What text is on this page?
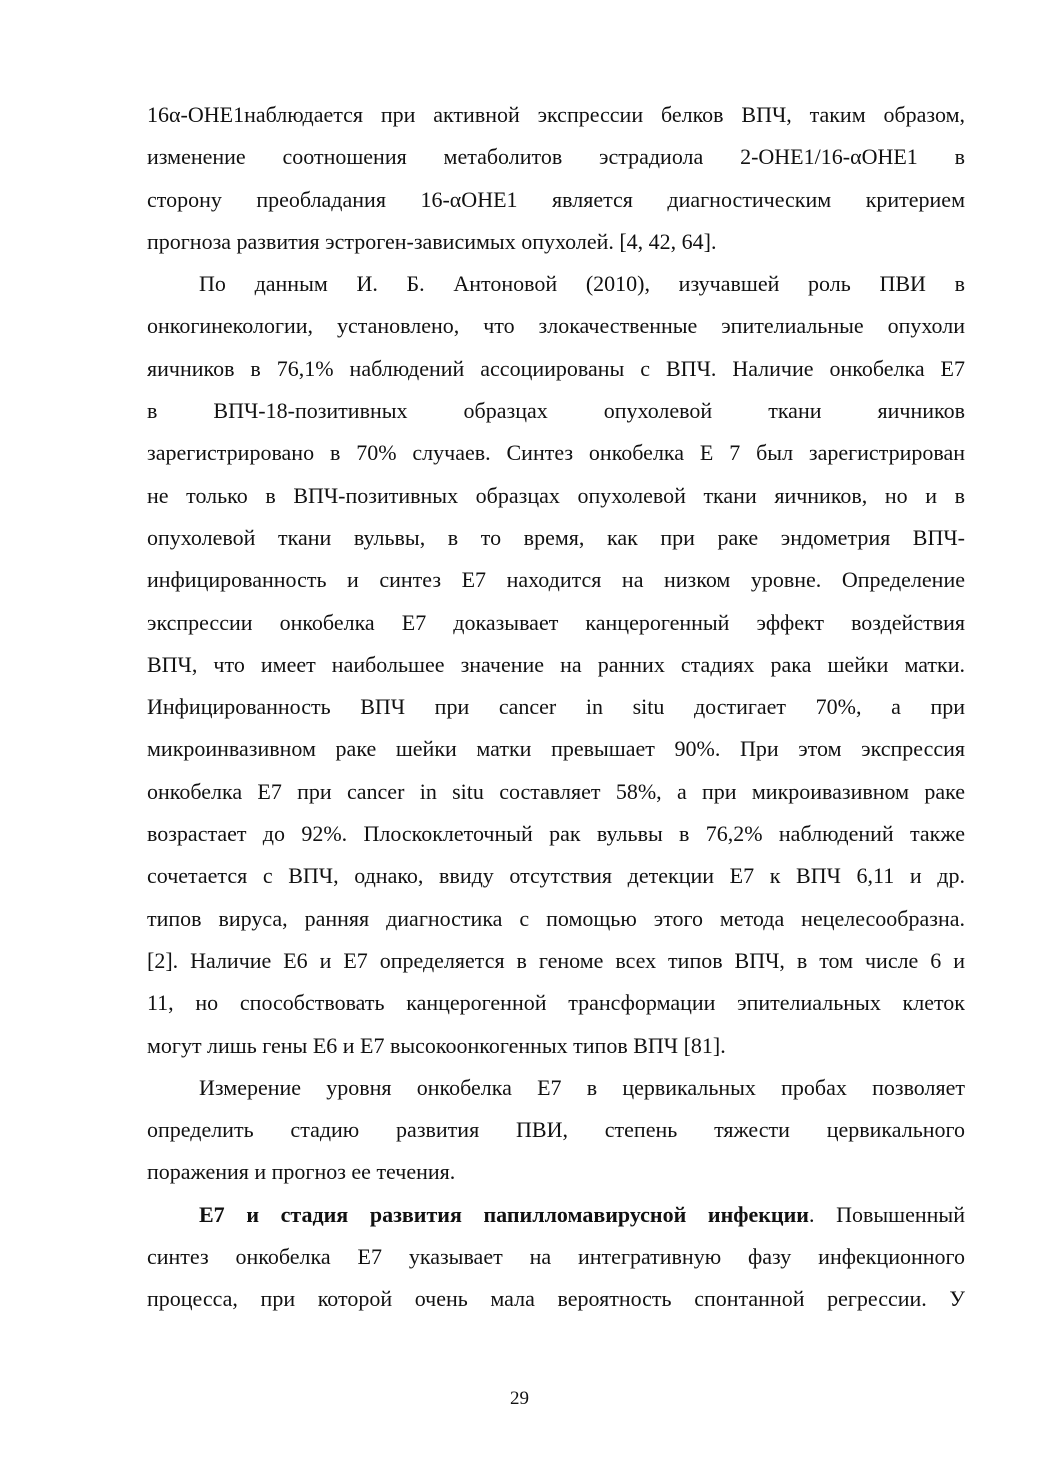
16α-OHE1наблюдается при активной экспрессии белков ВПЧ, таким образом,
изменение соотношения метаболитов эстрадиола 2-OHE1/16-αOHE1 в
сторону преобладания 16-αOHE1 является диагностическим критерием
прогноза развития эстроген-зависимых опухолей. [4, 42, 64].

По данным И. Б. Антоновой (2010), изучавшей роль ПВИ в
онкогинекологии, установлено, что злокачественные эпителиальные опухоли
яичников в 76,1% наблюдений ассоциированы с ВПЧ. Наличие онкобелка Е7
в ВПЧ-18-позитивных образцах опухолевой ткани яичников
зарегистрировано в 70% случаев. Синтез онкобелка Е 7 был зарегистрирован
не только в ВПЧ-позитивных образцах опухолевой ткани яичников, но и в
опухолевой ткани вульвы, в то время, как при раке эндометрия ВПЧ-
инфицированность и синтез Е7 находится на низком уровне. Определение
экспрессии онкобелка Е7 доказывает канцерогенный эффект воздействия
ВПЧ, что имеет наибольшее значение на ранних стадиях рака шейки матки.
Инфицированность ВПЧ при cancer in situ достигает 70%, а при
микроинвазивном раке шейки матки превышает 90%. При этом экспрессия
онкобелка Е7 при cancer in situ составляет 58%, а при микроивазивном раке
возрастает до 92%. Плоскоклеточный рак вульвы в 76,2% наблюдений также
сочетается с ВПЧ, однако, ввиду отсутствия детекции Е7 к ВПЧ 6,11 и др.
типов вируса, ранняя диагностика с помощью этого метода нецелесообразна.
[2]. Наличие Е6 и Е7 определяется в геноме всех типов ВПЧ, в том числе 6 и
11, но способствовать канцерогенной трансформации эпителиальных клеток
могут лишь гены Е6 и Е7 высокоонкогенных типов ВПЧ [81].

Измерение уровня онкобелка Е7 в цервикальных пробах позволяет
определить стадию развития ПВИ, степень тяжести цервикального
поражения и прогноз ее течения.

Е7 и стадия развития папилломавирусной инфекции. Повышенный
синтез онкобелка Е7 указывает на интегративную фазу инфекционного
процесса, при которой очень мала вероятность спонтанной регрессии. У

29
